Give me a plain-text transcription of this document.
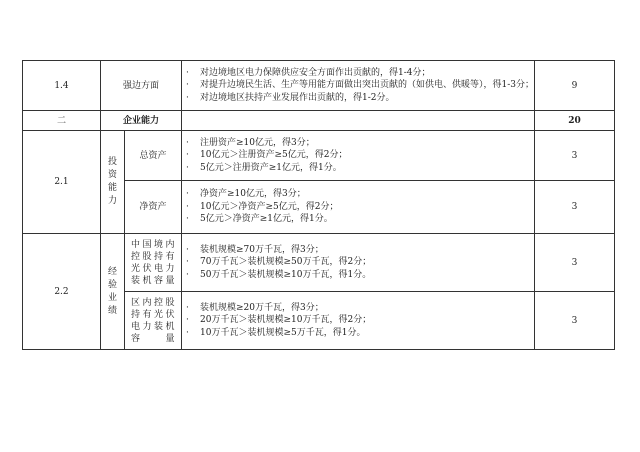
1.4	强边方面		· 对边境地区电力保障供应安全方面作出贡献的，得1-4分；
· 对提升边境民生活、生产等用能方面做出突出贡献的（如供电、供暖等），得1-3分；
· 对边境地区扶持产业发展作出贡献的，得1-2分。	9
二	企业能力			20
2.1	投资能力	总资产	· 注册资产≥10亿元，得3分；
· 10亿元＞注册资产≥5亿元，得2分；
· 5亿元＞注册资产≥1亿元，得1分。	3
		净资产	· 净资产≥10亿元，得3分；
· 10亿元＞净资产≥5亿元，得2分；
· 5亿元＞净资产≥1亿元，得1分。	3
2.2	经验业绩	中国境内控股持有光伏电力装机容量	· 装机规模≥70万千瓦，得3分；
· 70万千瓦＞装机规模≥50万千瓦，得2分；
· 50万千瓦＞装机规模≥10万千瓦，得1分。	3
		区内控股持有光伏电力装机容量	· 装机规模≥20万千瓦，得3分；
· 20万千瓦＞装机规模≥10万千瓦，得2分；
· 10万千瓦＞装机规模≥5万千瓦，得1分。	3
